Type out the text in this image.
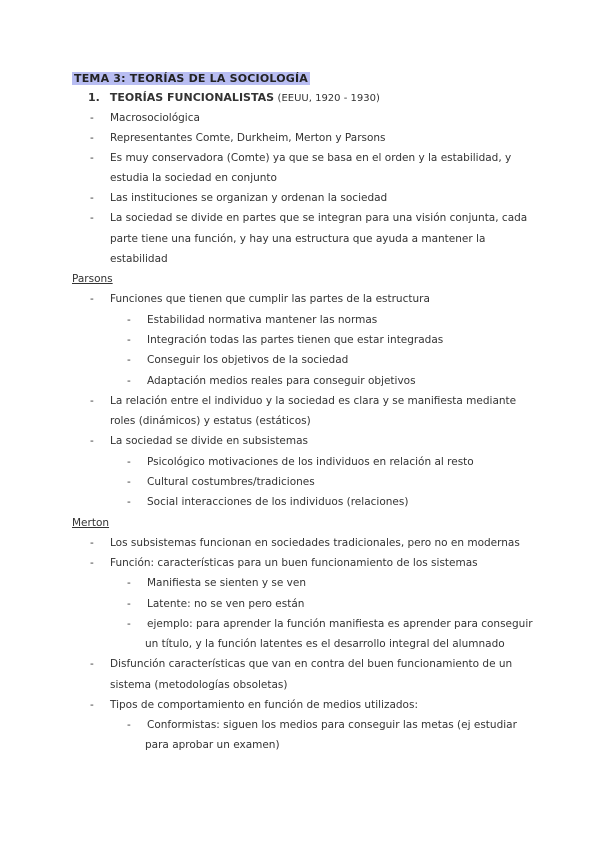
TEMA 3: TEORÍAS DE LA SOCIOLOGÍA
1. TEORÍAS FUNCIONALISTAS (EEUU, 1920 - 1930)
- Macrosociológica
- Representantes Comte, Durkheim, Merton y Parsons
- Es muy conservadora (Comte) ya que se basa en el orden y la estabilidad, y
estudia la sociedad en conjunto
- Las instituciones se organizan y ordenan la sociedad
- La sociedad se divide en partes que se integran para una visión conjunta, cada
parte tiene una función, y hay una estructura que ayuda a mantener la
estabilidad
Parsons
- Funciones que tienen que cumplir las partes de la estructura
- Estabilidad normativa mantener las normas
- Integración todas las partes tienen que estar integradas
- Conseguir los objetivos de la sociedad
- Adaptación medios reales para conseguir objetivos
- La relación entre el individuo y la sociedad es clara y se manifiesta mediante
roles (dinámicos) y estatus (estáticos)
- La sociedad se divide en subsistemas
- Psicológico motivaciones de los individuos en relación al resto
- Cultural costumbres/tradiciones
- Social interacciones de los individuos (relaciones)
Merton
- Los subsistemas funcionan en sociedades tradicionales, pero no en modernas
- Función: características para un buen funcionamiento de los sistemas
- Manifiesta se sienten y se ven
- Latente: no se ven pero están
- ejemplo: para aprender la función manifiesta es aprender para conseguir
un título, y la función latentes es el desarrollo integral del alumnado
- Disfunción características que van en contra del buen funcionamiento de un
sistema (metodologías obsoletas)
- Tipos de comportamiento en función de medios utilizados:
- Conformistas: siguen los medios para conseguir las metas (ej estudiar
para aprobar un examen)
